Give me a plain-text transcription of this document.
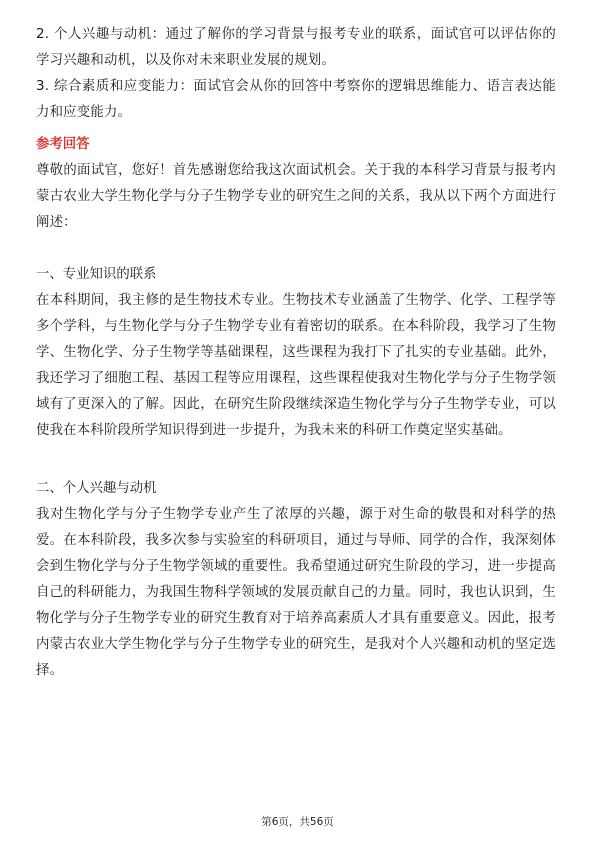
2. 个人兴趣与动机：通过了解你的学习背景与报考专业的联系，面试官可以评估你的学习兴趣和动机，以及你对未来职业发展的规划。

3. 综合素质和应变能力：面试官会从你的回答中考察你的逻辑思维能力、语言表达能力和应变能力。

参考回答

尊敬的面试官，您好！首先感谢您给我这次面试机会。关于我的本科学习背景与报考内蒙古农业大学生物化学与分子生物学专业的研究生之间的关系，我从以下两个方面进行阐述：

一、专业知识的联系

在本科期间，我主修的是生物技术专业。生物技术专业涵盖了生物学、化学、工程学等多个学科，与生物化学与分子生物学专业有着密切的联系。在本科阶段，我学习了生物学、生物化学、分子生物学等基础课程，这些课程为我打下了扎实的专业基础。此外，我还学习了细胞工程、基因工程等应用课程，这些课程使我对生物化学与分子生物学领域有了更深入的了解。因此，在研究生阶段继续深造生物化学与分子生物学专业，可以使我在本科阶段所学知识得到进一步提升，为我未来的科研工作奠定坚实基础。

二、个人兴趣与动机

我对生物化学与分子生物学专业产生了浓厚的兴趣，源于对生命的敬畏和对科学的热爱。在本科阶段，我多次参与实验室的科研项目，通过与导师、同学的合作，我深刻体会到生物化学与分子生物学领域的重要性。我希望通过研究生阶段的学习，进一步提高自己的科研能力，为我国生物科学领域的发展贡献自己的力量。同时，我也认识到，生物化学与分子生物学专业的研究生教育对于培养高素质人才具有重要意义。因此，报考内蒙古农业大学生物化学与分子生物学专业的研究生，是我对个人兴趣和动机的坚定选择。

第6页，共56页
